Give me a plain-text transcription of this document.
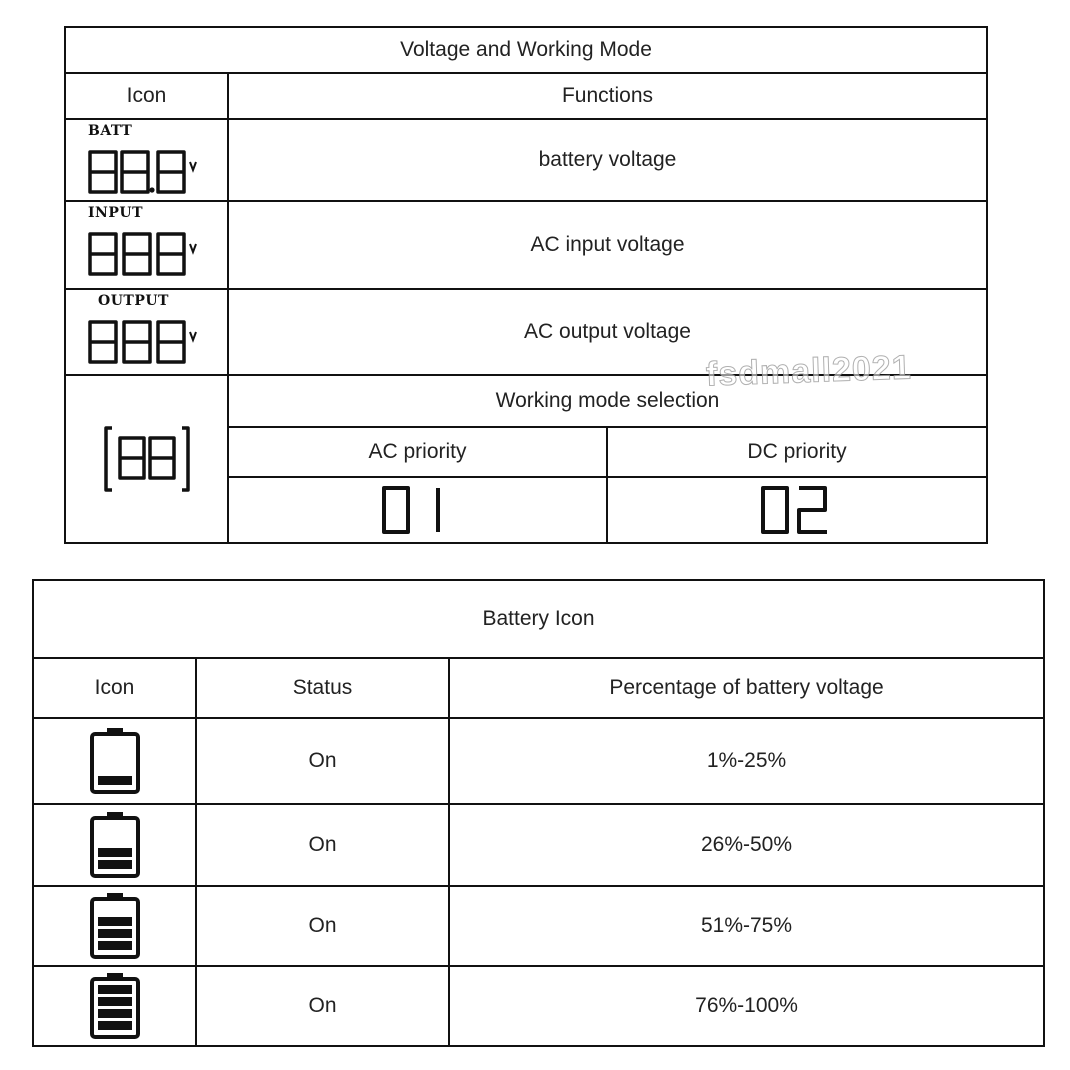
Voltage and Working Mode		
Icon	Functions	

BATT	battery voltage	

INPUT	AC input voltage	

OUTPUT	AC output voltage	

	Working mode selection	
	AC priority	DC priority

fsdmall2021
Battery Icon		
Icon	Status	Percentage of battery voltage

	On	1%-25%

	On	26%-50%

	On	51%-75%

	On	76%-100%
